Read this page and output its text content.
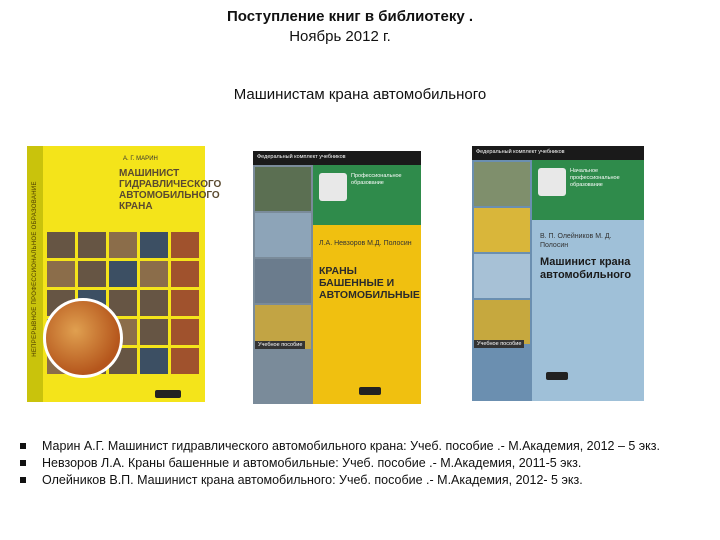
Поступление книг в библиотеку .
Ноябрь 2012 г.
Машинистам крана автомобильного
НЕПРЕРЫВНОЕ ПРОФЕССИОНАЛЬНОЕ ОБРАЗОВАНИЕ
А. Г. МАРИН
МАШИНИСТ ГИДРАВЛИЧЕСКОГО АВТОМОБИЛЬНОГО КРАНА
Федеральный комплект учебников
Профессиональное образование
Л.А. Невзоров М.Д. Полосин
КРАНЫ БАШЕННЫЕ И АВТОМОБИЛЬНЫЕ
Учебное пособие
Федеральный комплект учебников
Начальное профессиональное образование
В. П. Олейников М. Д. Полосин
Машинист крана автомобильного
Учебное пособие
Марин А.Г. Машинист гидравлического автомобильного крана: Учеб. пособие .- М.Академия, 2012 – 5 экз.
Невзоров Л.А. Краны башенные и автомобильные: Учеб. пособие .- М.Академия, 2011-5 экз.
Олейников В.П. Машинист крана автомобильного: Учеб. пособие .- М.Академия, 2012- 5 экз.
